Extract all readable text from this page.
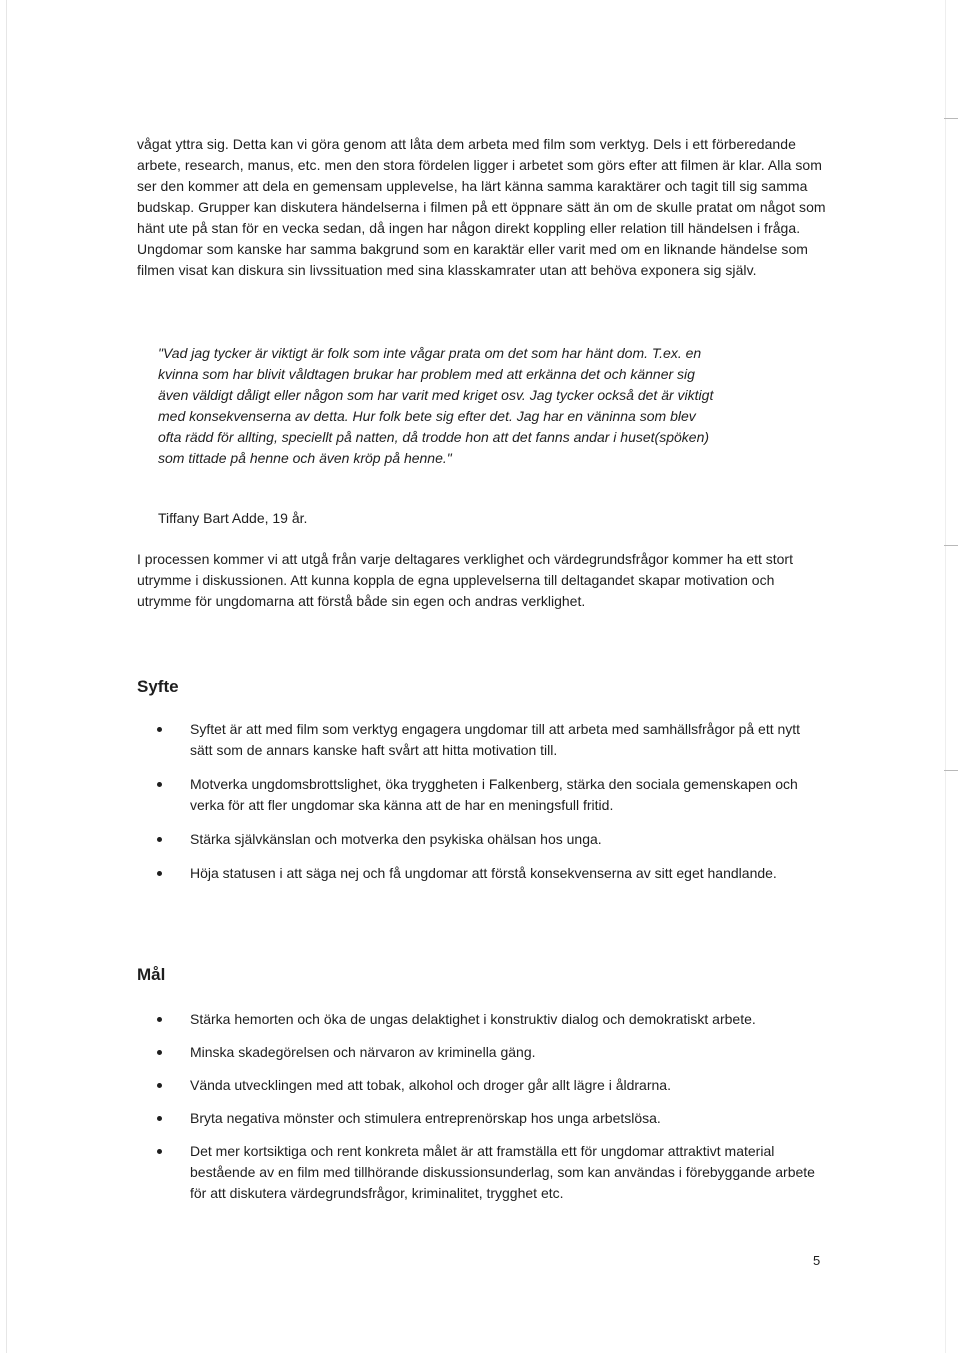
vågat yttra sig. Detta kan vi göra genom att låta dem arbeta med film som verktyg. Dels i ett förberedande arbete, research, manus, etc. men den stora fördelen ligger i arbetet som görs efter att filmen är klar. Alla som ser den kommer att dela en gemensam upplevelse, ha lärt känna samma karaktärer och tagit till sig samma budskap. Grupper kan diskutera händelserna i filmen på ett öppnare sätt än om de skulle pratat om något som hänt ute på stan för en vecka sedan, då ingen har någon direkt koppling eller relation till händelsen i fråga. Ungdomar som kanske har samma bakgrund som en karaktär eller varit med om en liknande händelse som filmen visat kan diskura sin livssituation med sina klasskamrater utan att behöva exponera sig själv.

"Vad jag tycker är viktigt är folk som inte vågar prata om det som har hänt dom. T.ex. en kvinna som har blivit våldtagen brukar har problem med att erkänna det och känner sig även väldigt dåligt eller någon som har varit med kriget osv. Jag tycker också det är viktigt med konsekvenserna av detta. Hur folk bete sig efter det. Jag har en väninna som blev ofta rädd för allting, speciellt på natten, då trodde hon att det fanns andar i huset(spöken) som tittade på henne och även kröp på henne."

Tiffany Bart Adde, 19 år.

I processen kommer vi att utgå från varje deltagares verklighet och värdegrundsfrågor kommer ha ett stort utrymme i diskussionen. Att kunna koppla de egna upplevelserna till deltagandet skapar motivation och utrymme för ungdomarna att förstå både sin egen och andras verklighet.

Syfte
Syftet är att med film som verktyg engagera ungdomar till att arbeta med samhällsfrågor på ett nytt sätt som de annars kanske haft svårt att hitta motivation till.
Motverka ungdomsbrottslighet, öka tryggheten i Falkenberg, stärka den sociala gemenskapen och verka för att fler ungdomar ska känna att de har en meningsfull fritid.
Stärka självkänslan och motverka den psykiska ohälsan hos unga.
Höja statusen i att säga nej och få ungdomar att förstå konsekvenserna av sitt eget handlande.
Mål
Stärka hemorten och öka de ungas delaktighet i konstruktiv dialog och demokratiskt arbete.
Minska skadegörelsen och närvaron av kriminella gäng.
Vända utvecklingen med att tobak, alkohol och droger går allt lägre i åldrarna.
Bryta negativa mönster och stimulera entreprenörskap hos unga arbetslösa.
Det mer kortsiktiga och rent konkreta målet är att framställa ett för ungdomar attraktivt material bestående av en film med tillhörande diskussionsunderlag, som kan användas i förebyggande arbete för att diskutera värdegrundsfrågor, kriminalitet, trygghet etc.

5
